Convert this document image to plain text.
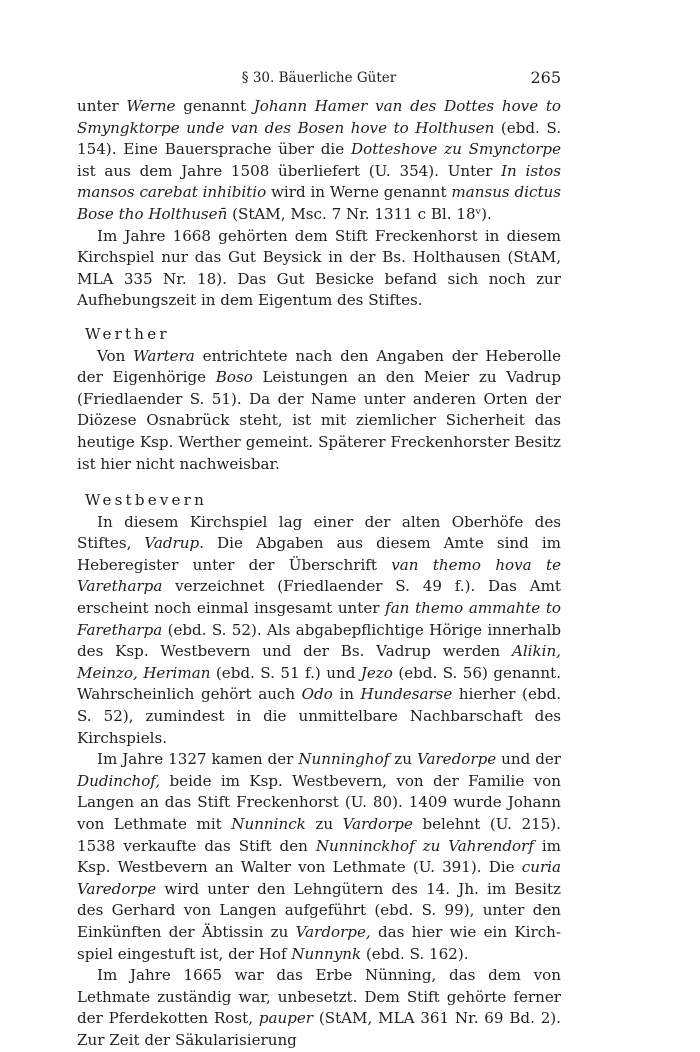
§ 30. Bäuerliche Güter	265

unter Werne genannt Johann Hamer van des Dottes hove to Smyngktorpe unde van des Bosen hove to Holthusen (ebd. S. 154). Eine Bauersprache über die Dotteshove zu Smynctorpe ist aus dem Jahre 1508 überliefert (U. 354). Unter In istos mansos carebat inhibitio wird in Werne genannt mansus dictus Bose tho Holthusen̄ (StAM, Msc. 7 Nr. 1311 c Bl. 18ᵛ).

Im Jahre 1668 gehörten dem Stift Freckenhorst in diesem Kirchspiel nur das Gut Beysick in der Bs. Holthausen (StAM, MLA 335 Nr. 18). Das Gut Besicke befand sich noch zur Aufhebungszeit in dem Eigentum des Stiftes.

Werther

Von Wartera entrichtete nach den Angaben der Heberolle der Eigenhörige Boso Leistungen an den Meier zu Vadrup (Friedlaender S. 51). Da der Name unter anderen Orten der Diözese Osnabrück steht, ist mit ziemlicher Sicherheit das heutige Ksp. Werther gemeint. Späterer Freckenhorster Besitz ist hier nicht nachweisbar.

Westbevern

In diesem Kirchspiel lag einer der alten Oberhöfe des Stiftes, Vadrup. Die Abgaben aus diesem Amte sind im Heberegister unter der Überschrift van themo hova te Varetharpa verzeichnet (Friedlaender S. 49 f.). Das Amt erscheint noch einmal insgesamt unter fan themo ammahte to Faretharpa (ebd. S. 52). Als abgabepflichtige Hörige innerhalb des Ksp. Westbevern und der Bs. Vadrup werden Alikin, Meinzo, Heriman (ebd. S. 51 f.) und Jezo (ebd. S. 56) genannt. Wahrscheinlich gehört auch Odo in Hundesarse hierher (ebd. S. 52), zumindest in die unmittelbare Nachbarschaft des Kirchspiels.

Im Jahre 1327 kamen der Nunninghof zu Varedorpe und der Dudinchof, beide im Ksp. Westbevern, von der Familie von Langen an das Stift Freckenhorst (U. 80). 1409 wurde Johann von Lethmate mit Nunninck zu Vardorpe belehnt (U. 215). 1538 verkaufte das Stift den Nunninckhof zu Vahrendorf im Ksp. Westbevern an Walter von Lethmate (U. 391). Die curia Varedorpe wird unter den Lehngütern des 14. Jh. im Besitz des Gerhard von Langen aufgeführt (ebd. S. 99), unter den Einkünften der Äbtissin zu Vardorpe, das hier wie ein Kirchspiel eingestuft ist, der Hof Nunnynk (ebd. S. 162).

Im Jahre 1665 war das Erbe Nünning, das dem von Lethmate zuständig war, unbesetzt. Dem Stift gehörte ferner der Pferdekotten Rost, pauper (StAM, MLA 361 Nr. 69 Bd. 2). Zur Zeit der Säkularisierung
